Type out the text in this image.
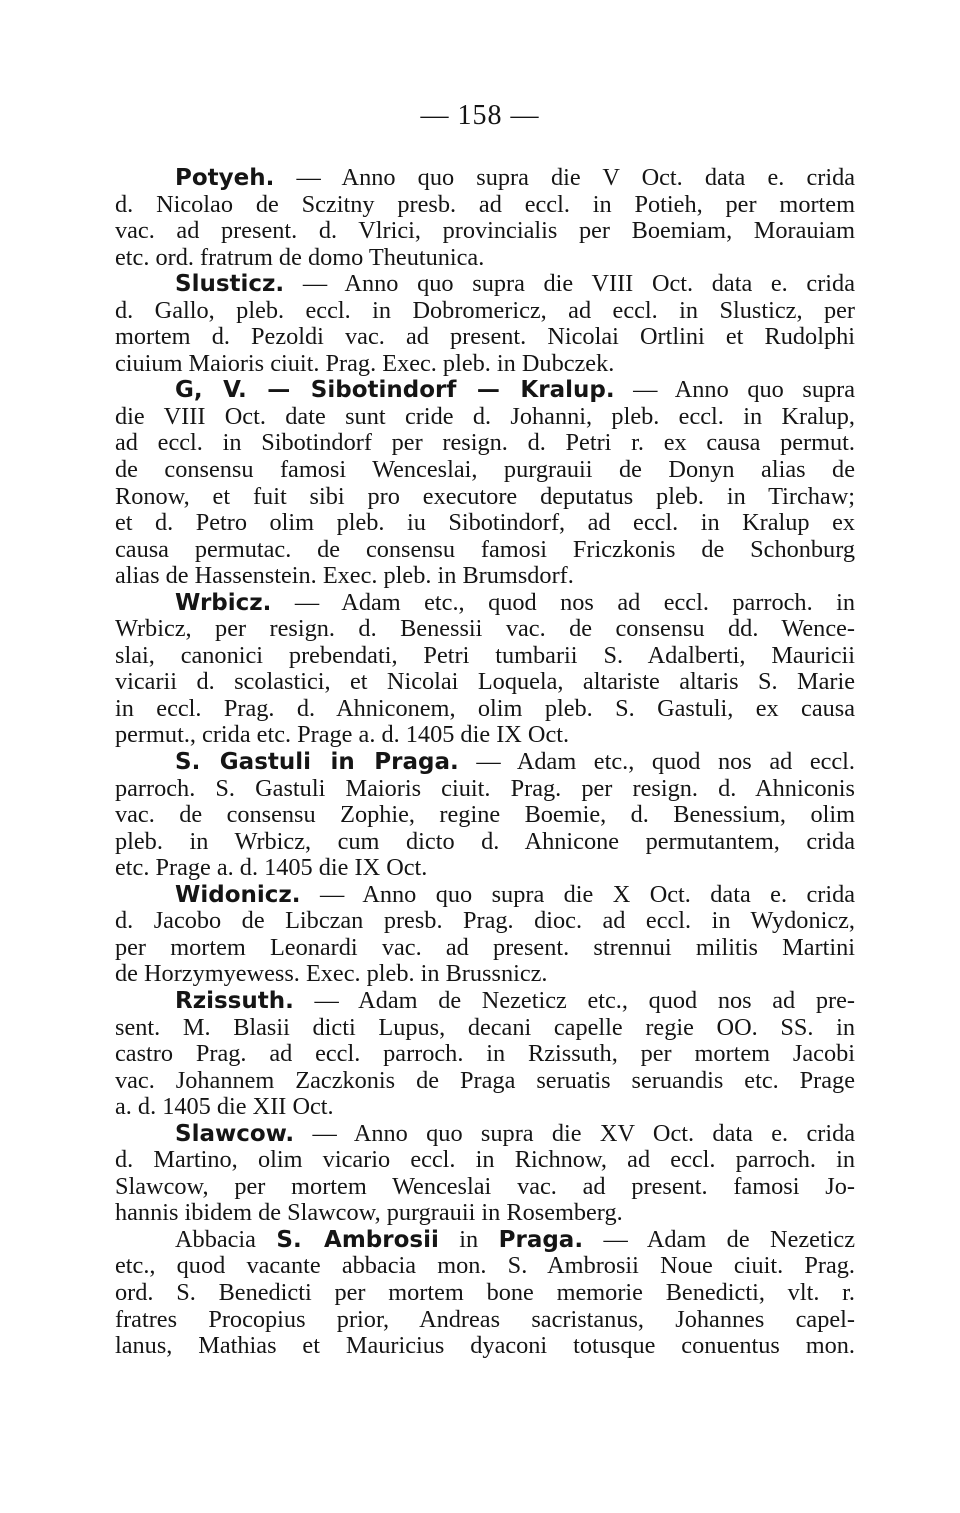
— 158 —
Potyeh. — Anno quo supra die V Oct. data e. crida
d. Nicolao de Sczitny presb. ad eccl. in Potieh, per mortem
vac. ad present. d. Vlrici, provincialis per Boemiam, Morauiam
etc. ord. fratrum de domo Theutunica.
Slusticz. — Anno quo supra die VIII Oct. data e. crida
d. Gallo, pleb. eccl. in Dobromericz, ad eccl. in Slusticz, per
mortem d. Pezoldi vac. ad present. Nicolai Ortlini et Rudolphi
ciuium Maioris ciuit. Prag. Exec. pleb. in Dubczek.
G, V. — Sibotindorf — Kralup. — Anno quo supra
die VIII Oct. date sunt cride d. Johanni, pleb. eccl. in Kralup,
ad eccl. in Sibotindorf per resign. d. Petri r. ex causa permut.
de consensu famosi Wenceslai, purgrauii de Donyn alias de
Ronow, et fuit sibi pro executore deputatus pleb. in Tirchaw;
et d. Petro olim pleb. iu Sibotindorf, ad eccl. in Kralup ex
causa permutac. de consensu famosi Friczkonis de Schonburg
alias de Hassenstein. Exec. pleb. in Brumsdorf.
Wrbicz. — Adam etc., quod nos ad eccl. parroch. in
Wrbicz, per resign. d. Benessii vac. de consensu dd. Wence-
slai, canonici prebendati, Petri tumbarii S. Adalberti, Mauricii
vicarii d. scolastici, et Nicolai Loquela, altariste altaris S. Marie
in eccl. Prag. d. Ahniconem, olim pleb. S. Gastuli, ex causa
permut., crida etc. Prage a. d. 1405 die IX Oct.
S. Gastuli in Praga. — Adam etc., quod nos ad eccl.
parroch. S. Gastuli Maioris ciuit. Prag. per resign. d. Ahniconis
vac. de consensu Zophie, regine Boemie, d. Benessium, olim
pleb. in Wrbicz, cum dicto d. Ahnicone permutantem, crida
etc. Prage a. d. 1405 die IX Oct.
Widonicz. — Anno quo supra die X Oct. data e. crida
d. Jacobo de Libczan presb. Prag. dioc. ad eccl. in Wydonicz,
per mortem Leonardi vac. ad present. strennui militis Martini
de Horzymyewess. Exec. pleb. in Brussnicz.
Rzissuth. — Adam de Nezeticz etc., quod nos ad pre-
sent. M. Blasii dicti Lupus, decani capelle regie OO. SS. in
castro Prag. ad eccl. parroch. in Rzissuth, per mortem Jacobi
vac. Johannem Zaczkonis de Praga seruatis seruandis etc. Prage
a. d. 1405 die XII Oct.
Slawcow. — Anno quo supra die XV Oct. data e. crida
d. Martino, olim vicario eccl. in Richnow, ad eccl. parroch. in
Slawcow, per mortem Wenceslai vac. ad present. famosi Jo-
hannis ibidem de Slawcow, purgrauii in Rosemberg.
Abbacia S. Ambrosii in Praga. — Adam de Nezeticz
etc., quod vacante abbacia mon. S. Ambrosii Noue ciuit. Prag.
ord. S. Benedicti per mortem bone memorie Benedicti, vlt. r.
fratres Procopius prior, Andreas sacristanus, Johannes capel-
lanus, Mathias et Mauricius dyaconi totusque conuentus mon.
